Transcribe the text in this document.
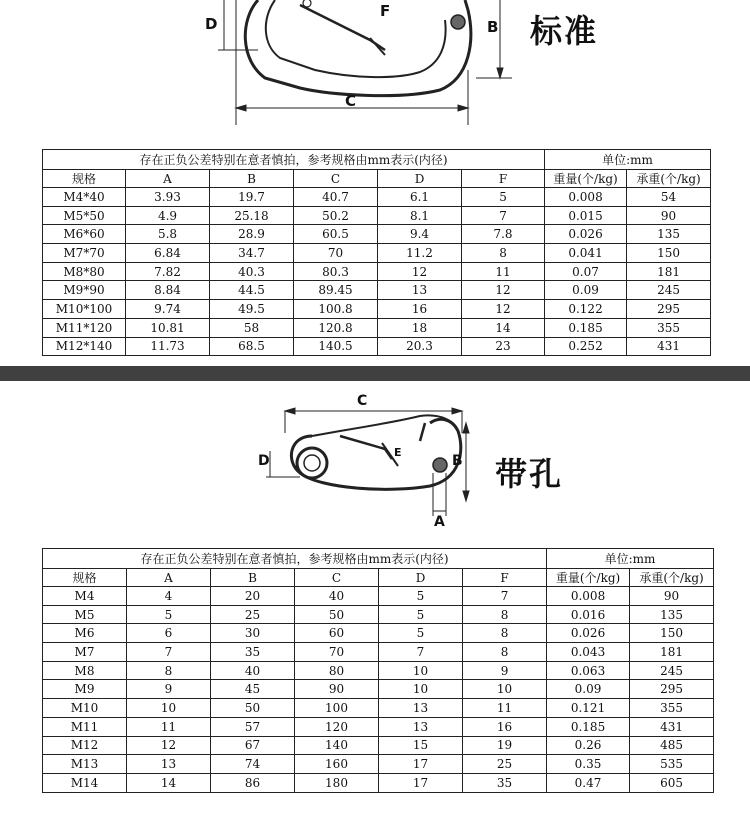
D	B
C
F
标准
存在正负公差特别在意者慎拍，参考规格由mm表示(内径)						单位:mm	
规格	A	B	C	D	F	重量(个/kg)	承重(个/kg)
M4*40	3.93	19.7	40.7	6.1	5	0.008	54
M5*50	4.9	25.18	50.2	8.1	7	0.015	90
M6*60	5.8	28.9	60.5	9.4	7.8	0.026	135
M7*70	6.84	34.7	70	11.2	8	0.041	150
M8*80	7.82	40.3	80.3	12	11	0.07	181
M9*90	8.84	44.5	89.45	13	12	0.09	245
M10*100	9.74	49.5	100.8	16	12	0.122	295
M11*120	10.81	58	120.8	18	14	0.185	355
M12*140	11.73	68.5	140.5	20.3	23	0.252	431
C
B
D
A
E
带孔
存在正负公差特别在意者慎拍，参考规格由mm表示(内径)						单位:mm	
规格	A	B	C	D	F	重量(个/kg)	承重(个/kg)
M4	4	20	40	5	7	0.008	90
M5	5	25	50	5	8	0.016	135
M6	6	30	60	5	8	0.026	150
M7	7	35	70	7	8	0.043	181
M8	8	40	80	10	9	0.063	245
M9	9	45	90	10	10	0.09	295
M10	10	50	100	13	11	0.121	355
M11	11	57	120	13	16	0.185	431
M12	12	67	140	15	19	0.26	485
M13	13	74	160	17	25	0.35	535
M14	14	86	180	17	35	0.47	605
